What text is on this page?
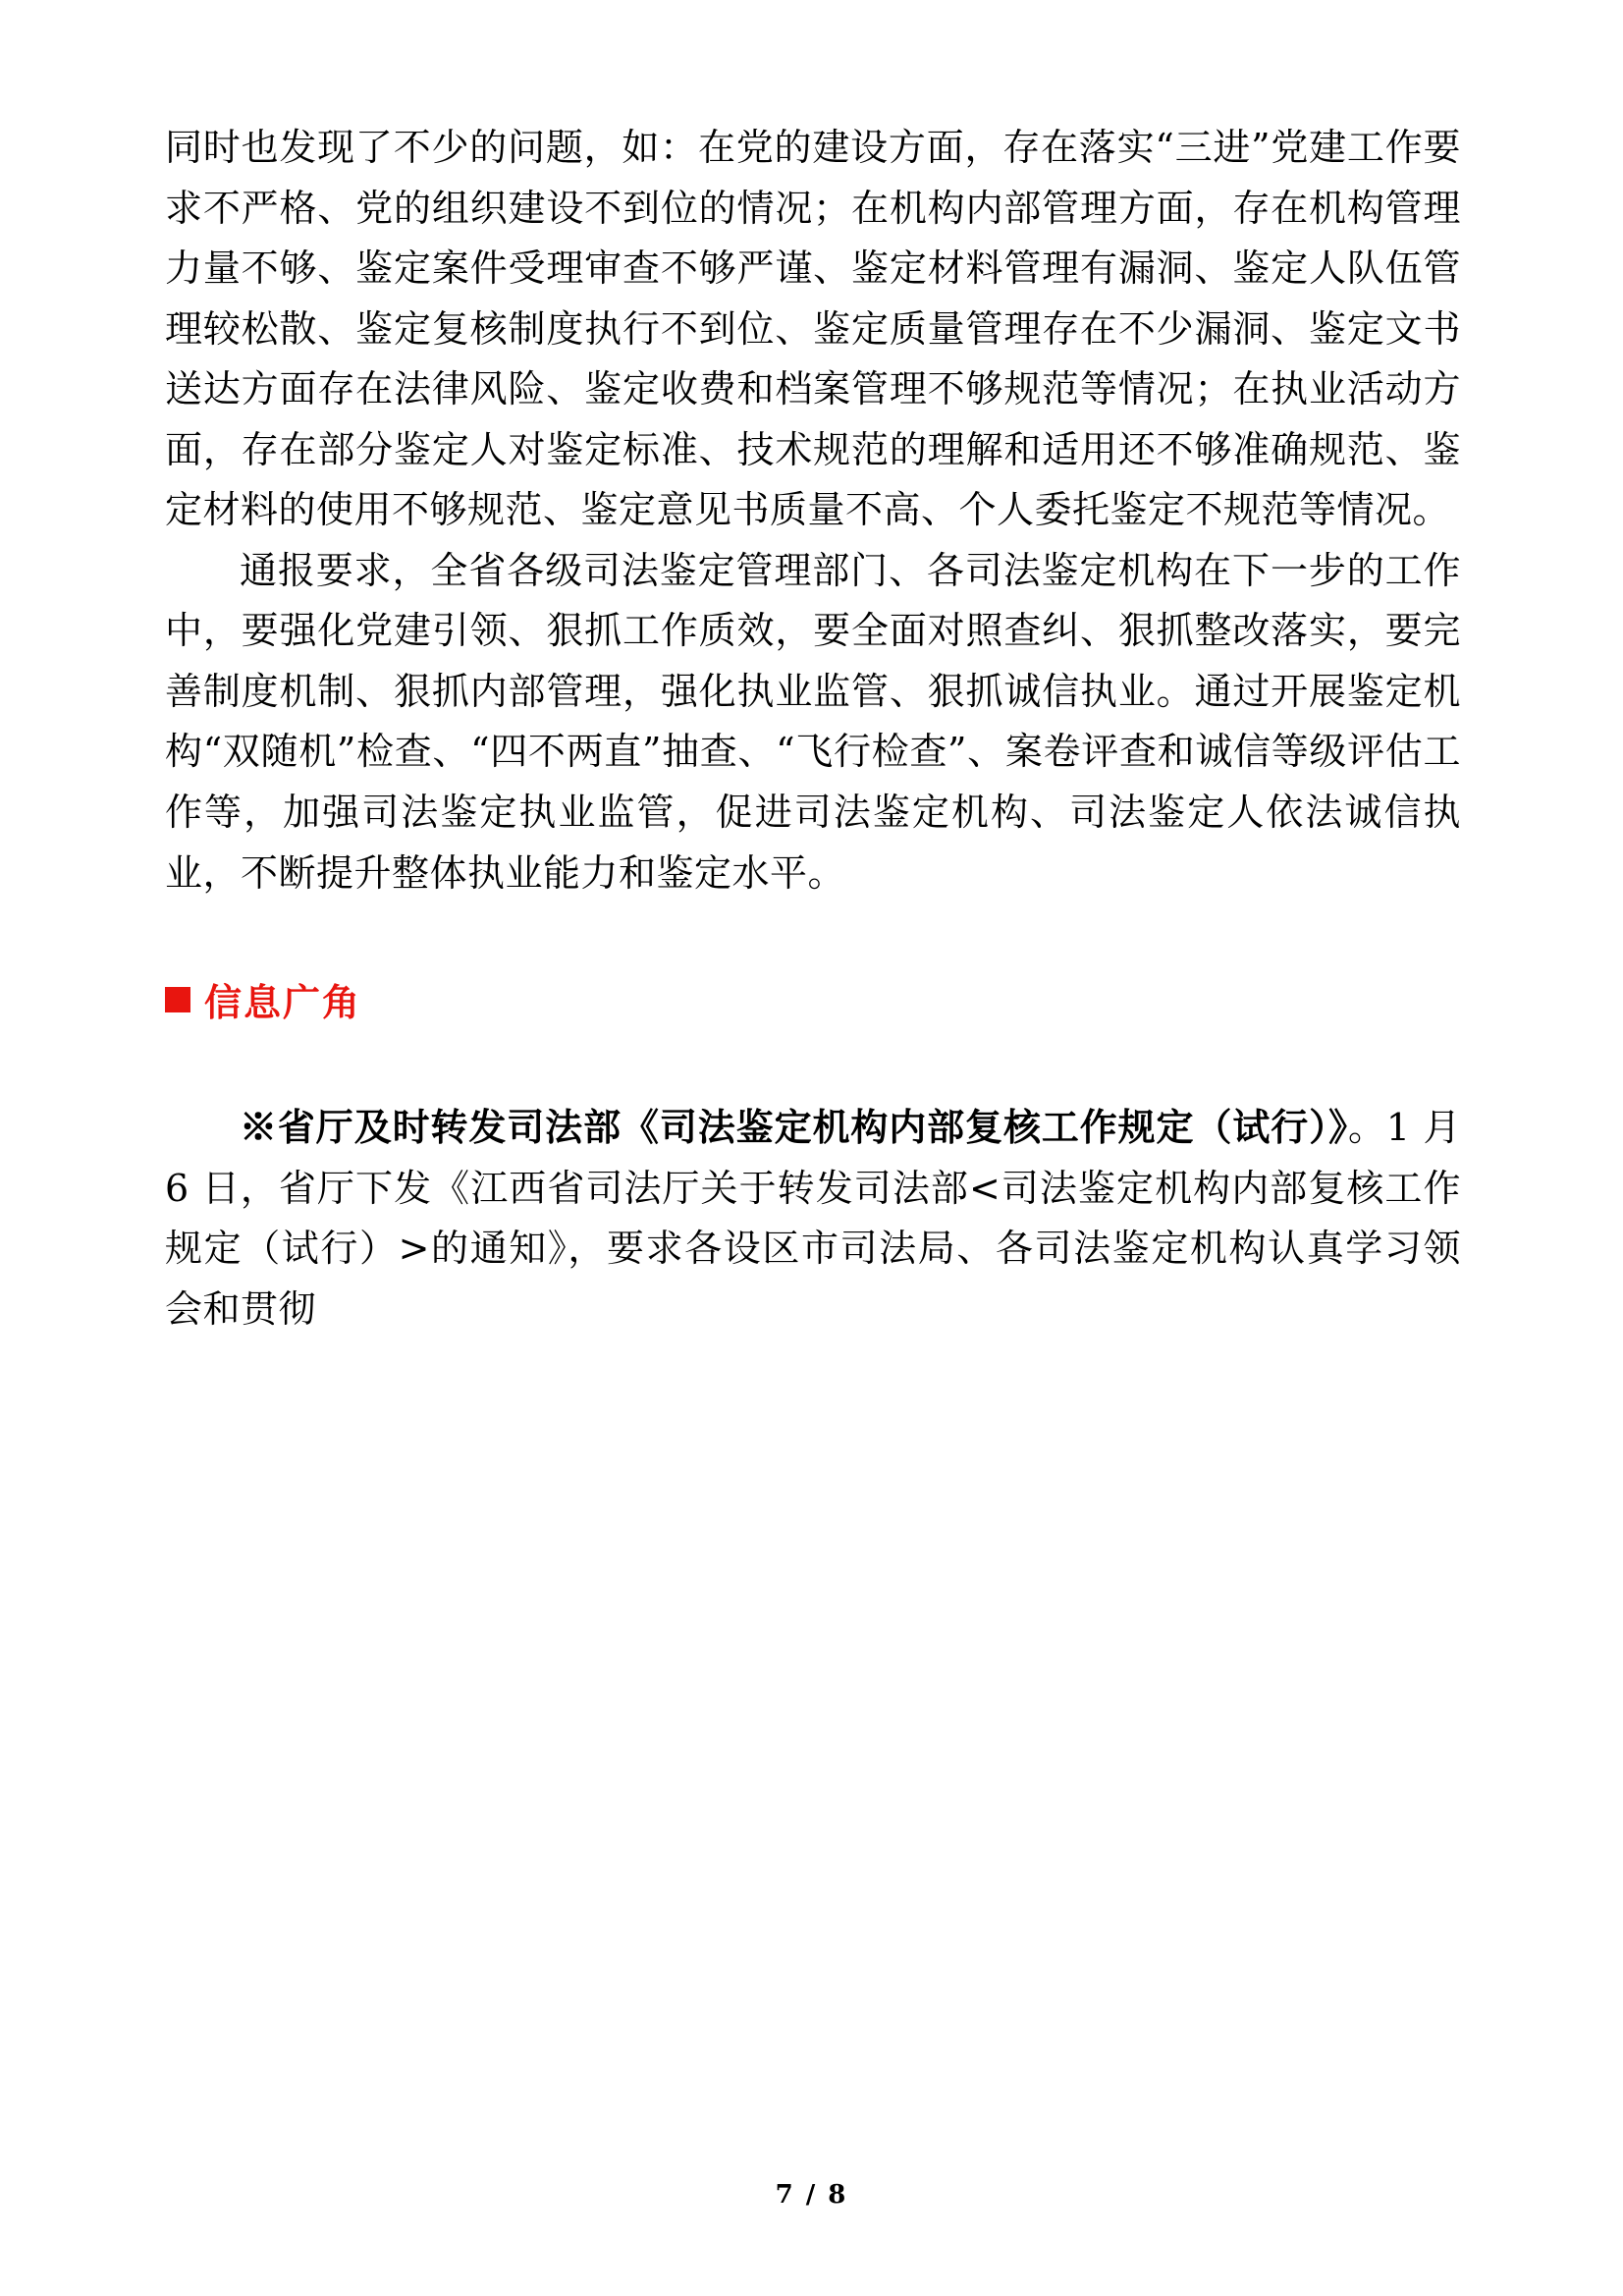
同时也发现了不少的问题，如：在党的建设方面，存在落实“三进”党建工作要求不严格、党的组织建设不到位的情况；在机构内部管理方面，存在机构管理力量不够、鉴定案件受理审查不够严谨、鉴定材料管理有漏洞、鉴定人队伍管理较松散、鉴定复核制度执行不到位、鉴定质量管理存在不少漏洞、鉴定文书送达方面存在法律风险、鉴定收费和档案管理不够规范等情况；在执业活动方面，存在部分鉴定人对鉴定标准、技术规范的理解和适用还不够准确规范、鉴定材料的使用不够规范、鉴定意见书质量不高、个人委托鉴定不规范等情况。

通报要求，全省各级司法鉴定管理部门、各司法鉴定机构在下一步的工作中，要强化党建引领、狠抓工作质效，要全面对照查纠、狠抓整改落实，要完善制度机制、狠抓内部管理，强化执业监管、狠抓诚信执业。通过开展鉴定机构“双随机”检查、“四不两直”抽查、“飞行检查”、案卷评查和诚信等级评估工作等，加强司法鉴定执业监管，促进司法鉴定机构、司法鉴定人依法诚信执业，不断提升整体执业能力和鉴定水平。

信息广角

※省厅及时转发司法部《司法鉴定机构内部复核工作规定（试行）》。1 月 6 日，省厅下发《江西省司法厅关于转发司法部<司法鉴定机构内部复核工作规定（试行）>的通知》，要求各设区市司法局、各司法鉴定机构认真学习领会和贯彻

7 / 8
